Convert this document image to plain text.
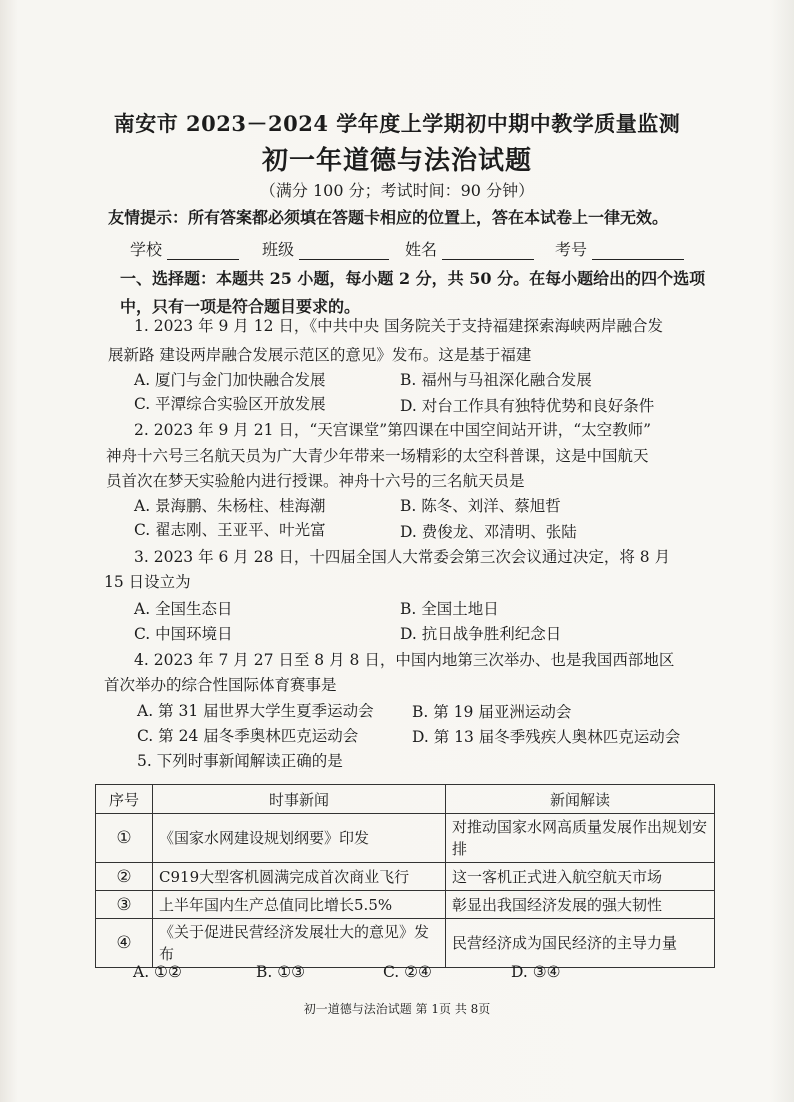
南安市 2023－2024 学年度上学期初中期中教学质量监测
初一年道德与法治试题
（满分 100 分；考试时间：90 分钟）
友情提示：所有答案都必须填在答题卡相应的位置上，答在本试卷上一律无效。
学校	班级	姓名	考号
一、选择题：本题共 25 小题，每小题 2 分，共 50 分。在每小题给出的四个选项中，只有一项是符合题目要求的。
1. 2023 年 9 月 12 日，《中共中央 国务院关于支持福建探索海峡两岸融合发
展新路 建设两岸融合发展示范区的意见》发布。这是基于福建
A. 厦门与金门加快融合发展	B. 福州与马祖深化融合发展
C. 平潭综合实验区开放发展	D. 对台工作具有独特优势和良好条件
2. 2023 年 9 月 21 日，“天宫课堂”第四课在中国空间站开讲，“太空教师”
神舟十六号三名航天员为广大青少年带来一场精彩的太空科普课，这是中国航天
员首次在梦天实验舱内进行授课。神舟十六号的三名航天员是
A. 景海鹏、朱杨柱、桂海潮	B. 陈冬、刘洋、蔡旭哲
C. 翟志刚、王亚平、叶光富	D. 费俊龙、邓清明、张陆
3. 2023 年 6 月 28 日，十四届全国人大常委会第三次会议通过决定，将 8 月
15 日设立为
A. 全国生态日	B. 全国土地日
C. 中国环境日	D. 抗日战争胜利纪念日
4. 2023 年 7 月 27 日至 8 月 8 日，中国内地第三次举办、也是我国西部地区
首次举办的综合性国际体育赛事是
A. 第 31 届世界大学生夏季运动会 B. 第 19 届亚洲运动会
C. 第 24 届冬季奥林匹克运动会	D. 第 13 届冬季残疾人奥林匹克运动会
5. 下列时事新闻解读正确的是
序号	时事新闻	新闻解读
①	《国家水网建设规划纲要》印发	对推动国家水网高质量发展作出规划安排
②	C919大型客机圆满完成首次商业飞行	这一客机正式进入航空航天市场
③	上半年国内生产总值同比增长5.5%	彰显出我国经济发展的强大韧性
④	《关于促进民营经济发展壮大的意见》发布	民营经济成为国民经济的主导力量
A. ①②	B. ①③	C. ②④	D. ③④
初一道德与法治试题 第 1页 共 8页
